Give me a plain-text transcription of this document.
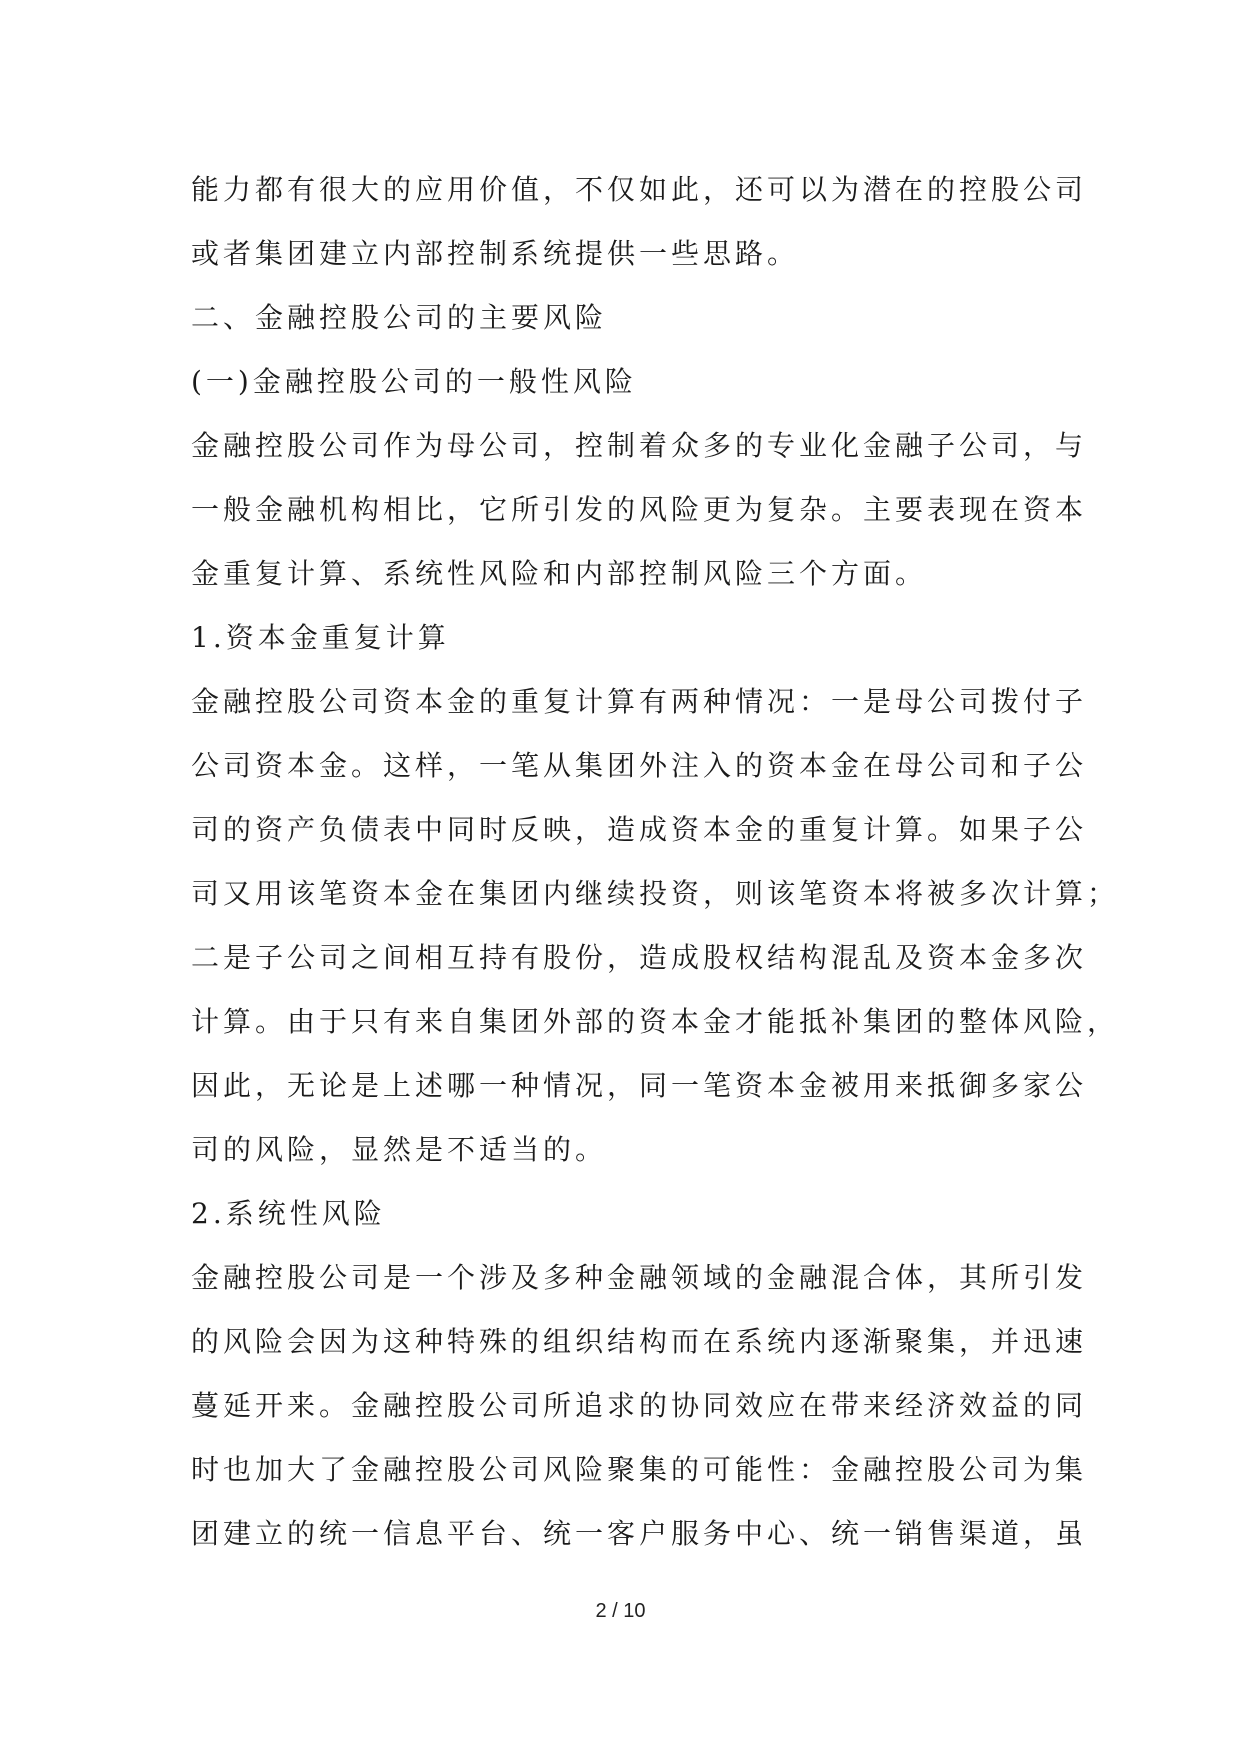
能力都有很大的应用价值，不仅如此，还可以为潜在的控股公司
或者集团建立内部控制系统提供一些思路。
二、金融控股公司的主要风险
(一)金融控股公司的一般性风险
金融控股公司作为母公司，控制着众多的专业化金融子公司，与
一般金融机构相比，它所引发的风险更为复杂。主要表现在资本
金重复计算、系统性风险和内部控制风险三个方面。
1.资本金重复计算
金融控股公司资本金的重复计算有两种情况：一是母公司拨付子
公司资本金。这样，一笔从集团外注入的资本金在母公司和子公
司的资产负债表中同时反映，造成资本金的重复计算。如果子公
司又用该笔资本金在集团内继续投资，则该笔资本将被多次计算；
二是子公司之间相互持有股份，造成股权结构混乱及资本金多次
计算。由于只有来自集团外部的资本金才能抵补集团的整体风险，
因此，无论是上述哪一种情况，同一笔资本金被用来抵御多家公
司的风险，显然是不适当的。
2.系统性风险
金融控股公司是一个涉及多种金融领域的金融混合体，其所引发
的风险会因为这种特殊的组织结构而在系统内逐渐聚集，并迅速
蔓延开来。金融控股公司所追求的协同效应在带来经济效益的同
时也加大了金融控股公司风险聚集的可能性：金融控股公司为集
团建立的统一信息平台、统一客户服务中心、统一销售渠道，虽
2 / 10
